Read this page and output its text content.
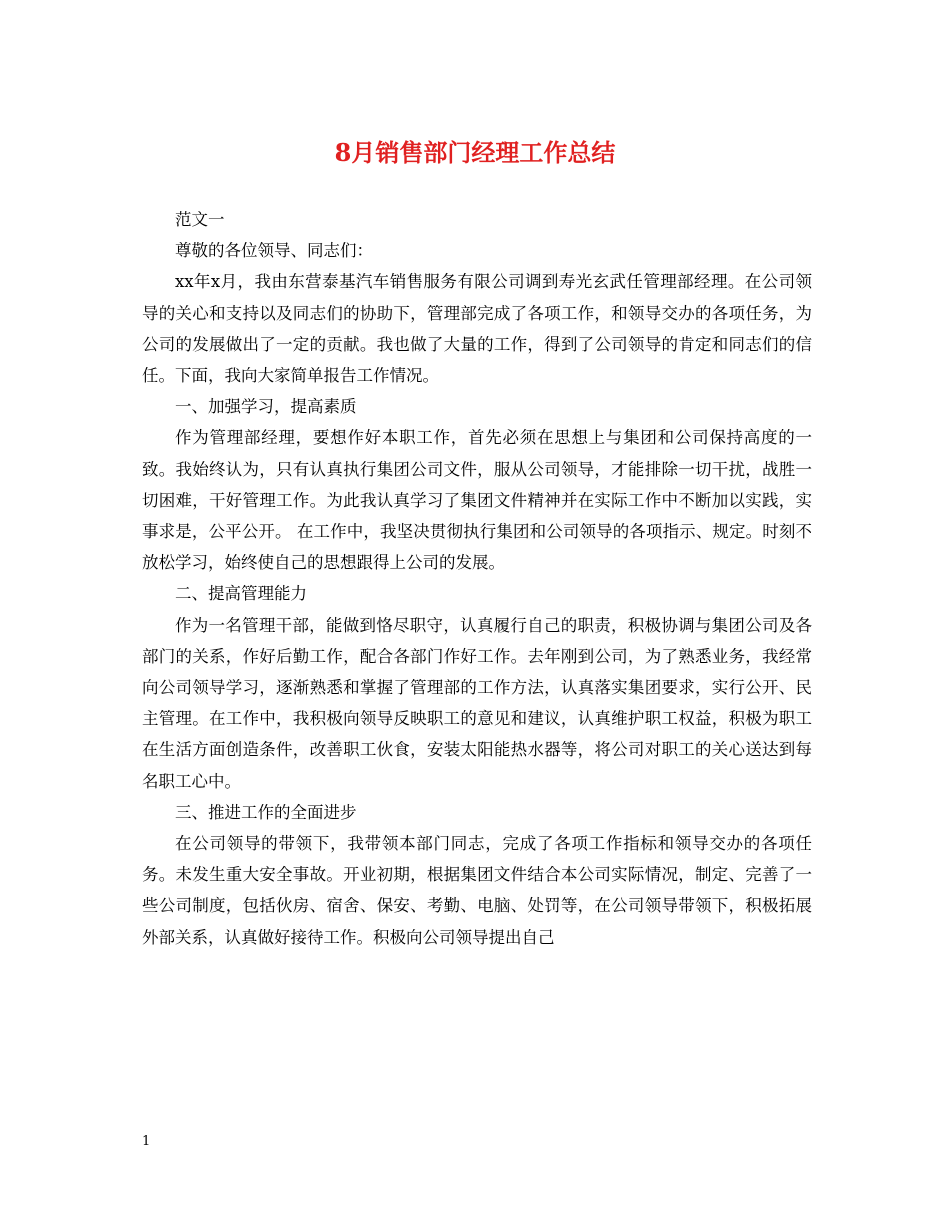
8月销售部门经理工作总结

范文一

尊敬的各位领导、同志们：

xx年x月，我由东营泰基汽车销售服务有限公司调到寿光玄武任管理部经理。在公司领导的关心和支持以及同志们的协助下，管理部完成了各项工作，和领导交办的各项任务，为公司的发展做出了一定的贡献。我也做了大量的工作，得到了公司领导的肯定和同志们的信任。下面，我向大家简单报告工作情况。

一、加强学习，提高素质

作为管理部经理，要想作好本职工作，首先必须在思想上与集团和公司保持高度的一致。我始终认为，只有认真执行集团公司文件，服从公司领导，才能排除一切干扰，战胜一切困难，干好管理工作。为此我认真学习了集团文件精神并在实际工作中不断加以实践，实事求是，公平公开。 在工作中，我坚决贯彻执行集团和公司领导的各项指示、规定。时刻不放松学习，始终使自己的思想跟得上公司的发展。

二、提高管理能力

作为一名管理干部，能做到恪尽职守，认真履行自己的职责，积极协调与集团公司及各部门的关系，作好后勤工作，配合各部门作好工作。去年刚到公司，为了熟悉业务，我经常向公司领导学习，逐渐熟悉和掌握了管理部的工作方法，认真落实集团要求，实行公开、民主管理。在工作中，我积极向领导反映职工的意见和建议，认真维护职工权益，积极为职工在生活方面创造条件，改善职工伙食，安装太阳能热水器等，将公司对职工的关心送达到每名职工心中。

三、推进工作的全面进步

在公司领导的带领下，我带领本部门同志，完成了各项工作指标和领导交办的各项任务。未发生重大安全事故。开业初期，根据集团文件结合本公司实际情况，制定、完善了一些公司制度，包括伙房、宿舍、保安、考勤、电脑、处罚等，在公司领导带领下，积极拓展外部关系，认真做好接待工作。积极向公司领导提出自己

1
